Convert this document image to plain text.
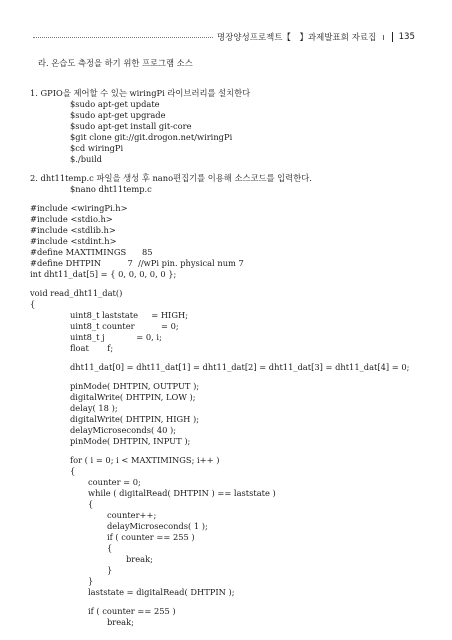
명장양성프로젝트【　】과제발표회 자료집 ı 135
라. 온습도 측정을 하기 위한 프로그램 소스
1. GPIO을 제어할 수 있는 wiringPi 라이브러리를 설치한다
$sudo apt-get update
$sudo apt-get upgrade
$sudo apt-get install git-core
$git clone git://git.drogon.net/wiringPi
$cd wiringPi
$./build
2. dht11temp.c 파일을 생성 후 nano편집기를 이용해 소스코드를 입력한다.
$nano dht11temp.c
#include <wiringPi.h>
#include <stdio.h>
#include <stdlib.h>
#include <stdint.h>
#define MAXTIMINGS      85
#define DHTPIN          7  //wPi pin. physical num 7
int dht11_dat[5] = { 0, 0, 0, 0, 0 };
void read_dht11_dat()
{
uint8_t laststate     = HIGH;
uint8_t counter          = 0;
uint8_t j            = 0, i;
float       f;
dht11_dat[0] = dht11_dat[1] = dht11_dat[2] = dht11_dat[3] = dht11_dat[4] = 0;
pinMode( DHTPIN, OUTPUT );
digitalWrite( DHTPIN, LOW );
delay( 18 );
digitalWrite( DHTPIN, HIGH );
delayMicroseconds( 40 );
pinMode( DHTPIN, INPUT );
for ( i = 0; i < MAXTIMINGS; i++ )
{
counter = 0;
while ( digitalRead( DHTPIN ) == laststate )
{
counter++;
delayMicroseconds( 1 );
if ( counter == 255 )
{
break;
}
}
laststate = digitalRead( DHTPIN );
if ( counter == 255 )
break;
